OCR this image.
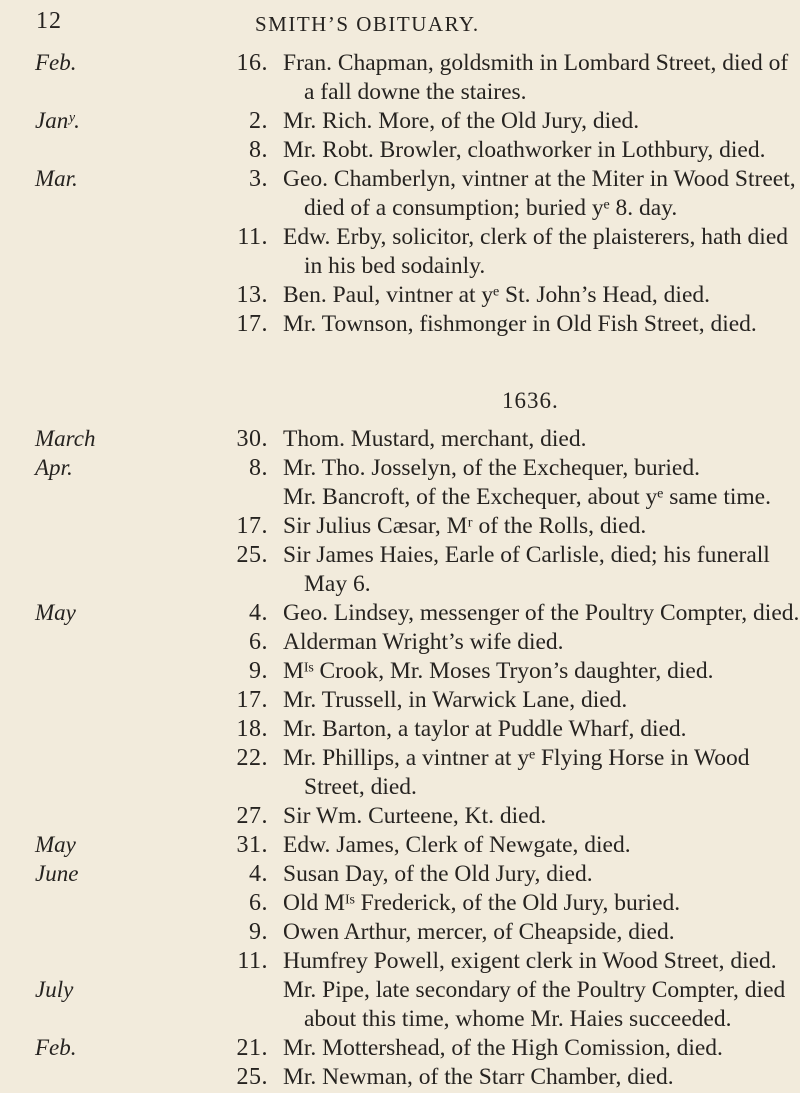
12	SMITH’S OBITUARY.
Feb.	16. Fran. Chapman, goldsmith in Lombard Street, died of
a fall downe the staires.
Janʸ.	2. Mr. Rich. More, of the Old Jury, died.
8. Mr. Robt. Browler, cloathworker in Lothbury, died.
Mar.	3. Geo. Chamberlyn, vintner at the Miter in Wood Street,
died of a consumption; buried yᵉ 8. day.
11. Edw. Erby, solicitor, clerk of the plaisterers, hath died
in his bed sodainly.
13. Ben. Paul, vintner at yᵉ St. John’s Head, died.
17. Mr. Townson, fishmonger in Old Fish Street, died.
1636.
March	30. Thom. Mustard, merchant, died.
Apr.	8. Mr. Tho. Josselyn, of the Exchequer, buried.
Mr. Bancroft, of the Exchequer, about yᵉ same time.
17. Sir Julius Cæsar, Mʳ of the Rolls, died.
25. Sir James Haies, Earle of Carlisle, died; his funerall
May 6.
May	4. Geo. Lindsey, messenger of the Poultry Compter, died.
6. Alderman Wright’s wife died.
9. Mᴵˢ Crook, Mr. Moses Tryon’s daughter, died.
17. Mr. Trussell, in Warwick Lane, died.
18. Mr. Barton, a taylor at Puddle Wharf, died.
22. Mr. Phillips, a vintner at yᵉ Flying Horse in Wood
Street, died.
27. Sir Wm. Curteene, Kt. died.
May	31. Edw. James, Clerk of Newgate, died.
June	4. Susan Day, of the Old Jury, died.
6. Old Mᴵˢ Frederick, of the Old Jury, buried.
9. Owen Arthur, mercer, of Cheapside, died.
11. Humfrey Powell, exigent clerk in Wood Street, died.
July	Mr. Pipe, late secondary of the Poultry Compter, died
about this time, whome Mr. Haies succeeded.
Feb.	21. Mr. Mottershead, of the High Comission, died.
25. Mr. Newman, of the Starr Chamber, died.
